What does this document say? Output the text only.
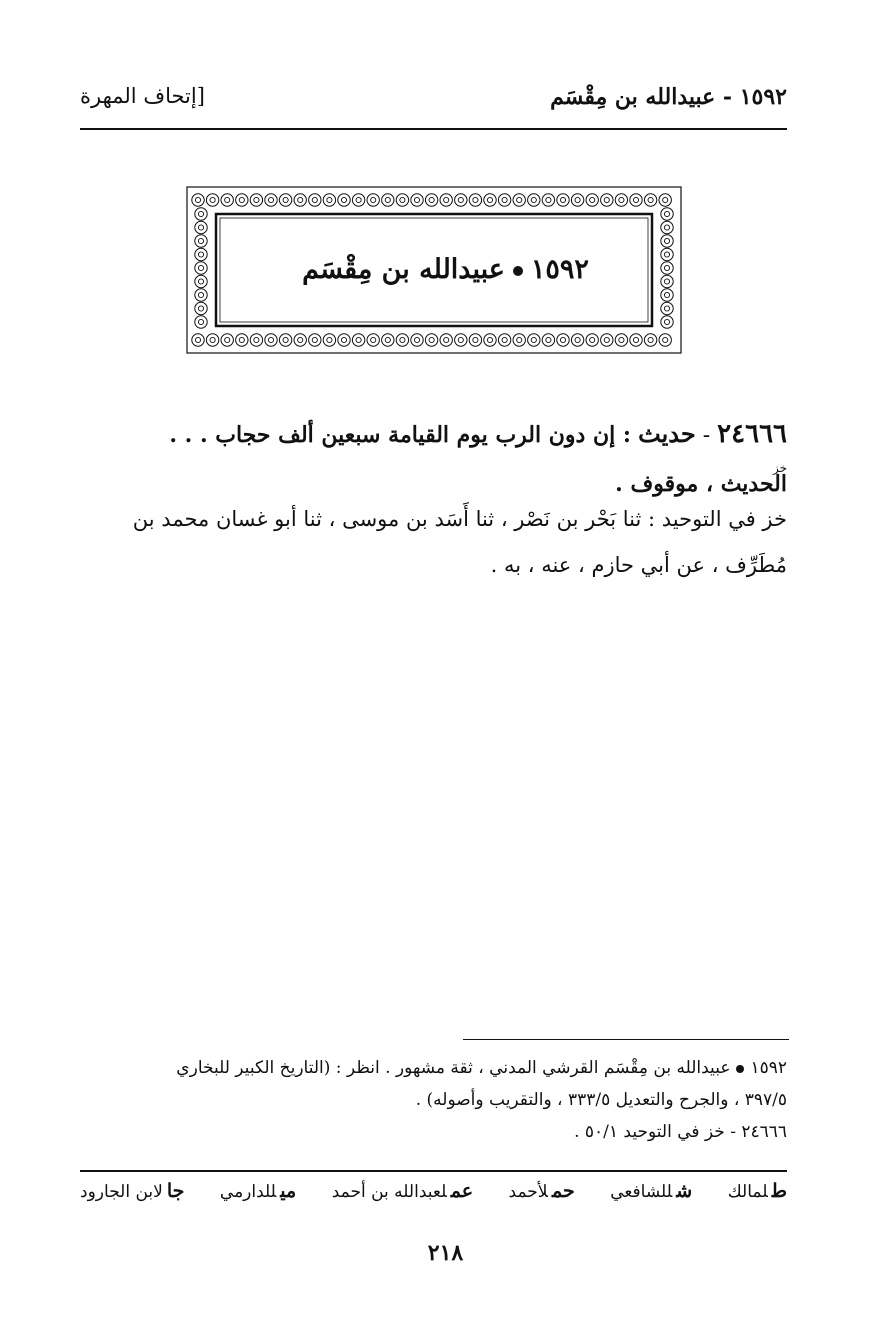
١٥٩٢ - عبيدالله بن مِقْسَم
[إتحاف المهرة
١٥٩٢عبيدالله بن مِقْسَم
٢٤٦٦٦ - حديث : إن دون الرب يوم القيامة سبعين ألف حجاب . . .
خز
الحديث ، موقوف .
خز في التوحيد : ثنا بَحْر بن نَصْر ، ثنا أَسَد بن موسى ، ثنا أبو غسان محمد بن
مُطَرِّف ، عن أبي حازم ، عنه ، به .
١٥٩٢عبيدالله بن مِقْسَم القرشي المدني ، ثقة مشهور . انظر : (التاريخ الكبير للبخاري
٣٩٧/٥ ، والجرح والتعديل ٣٣٣/٥ ، والتقريب وأصوله) .
٢٤٦٦٦ - خز في التوحيد ٥٠/١ .
طلمالك
شللشافعي
حملأحمد
عملعبدالله بن أحمد
ميللدارمي
جالابن الجارود
٢١٨
